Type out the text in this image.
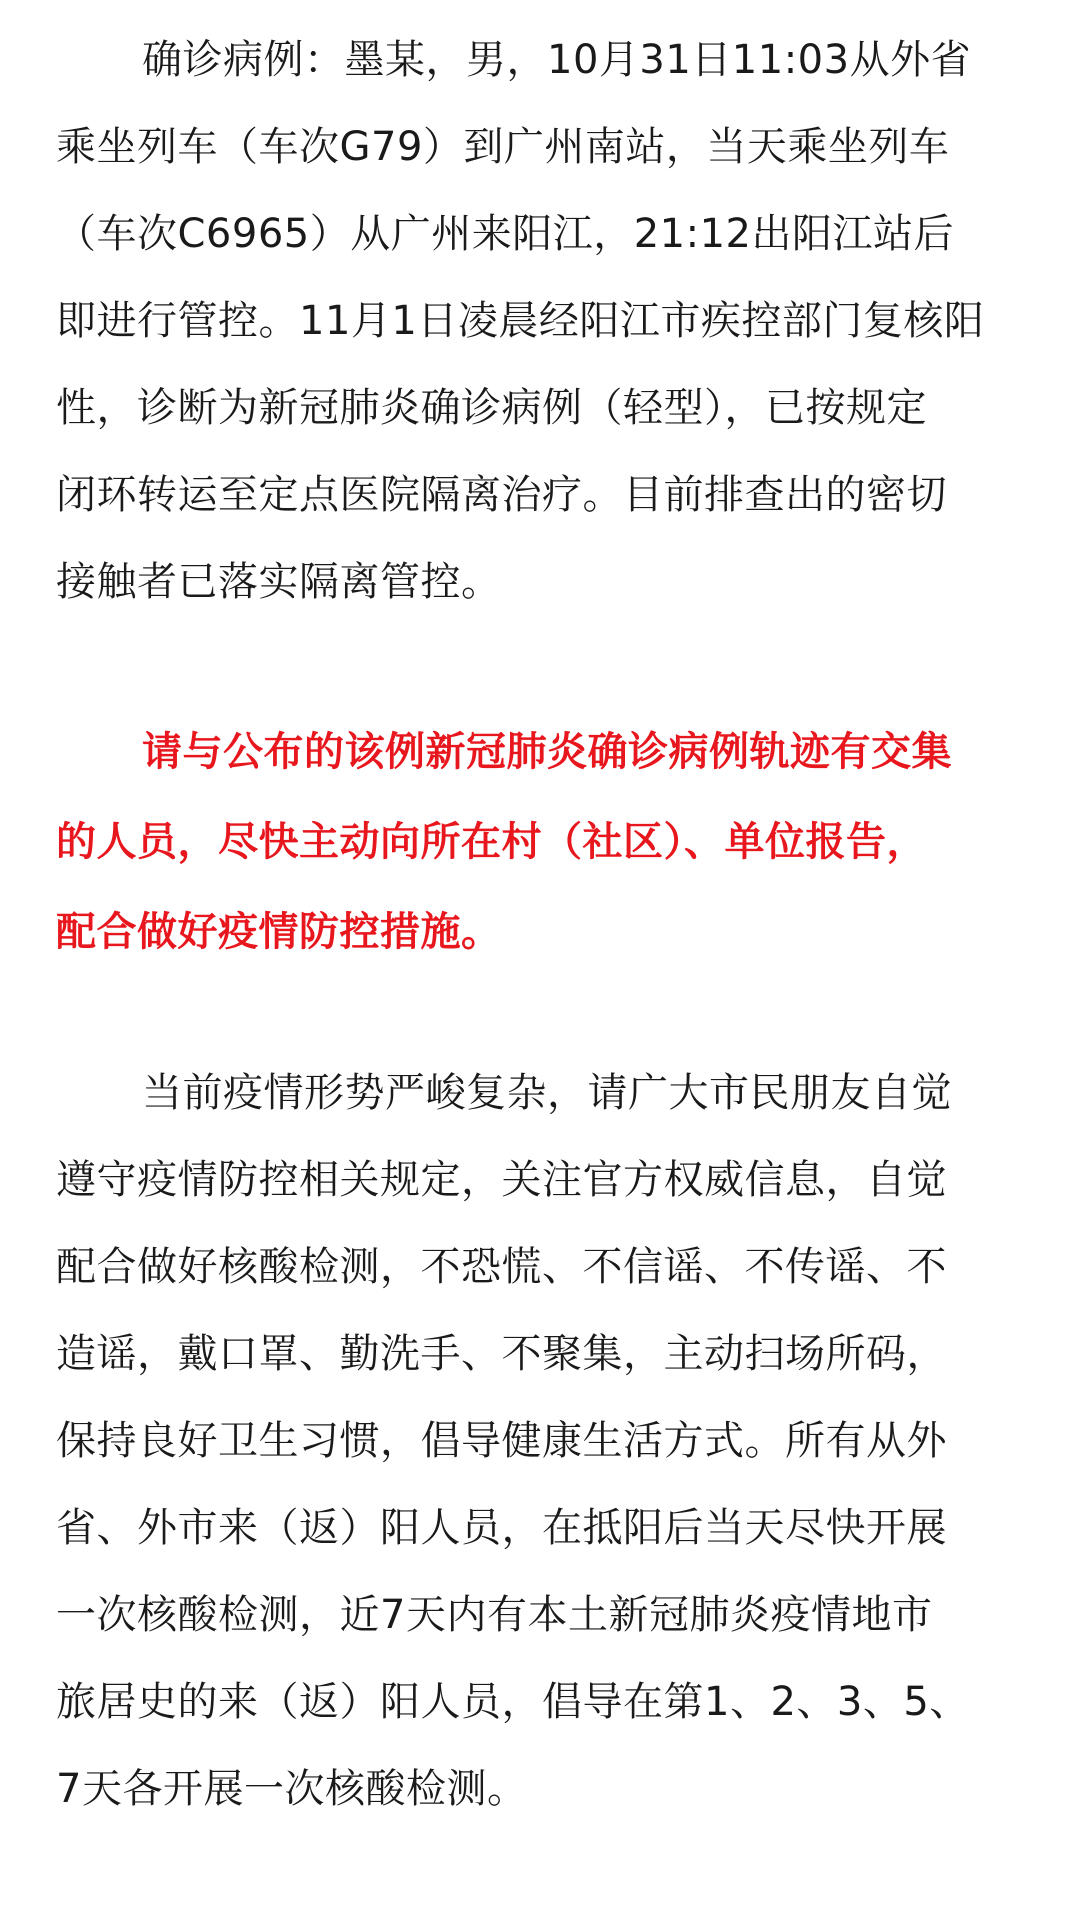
确诊病例：墨某，男，10月31日11:03从外省
乘坐列车（车次G79）到广州南站，当天乘坐列车
（车次C6965）从广州来阳江，21:12出阳江站后
即进行管控。11月1日凌晨经阳江市疾控部门复核阳
性，诊断为新冠肺炎确诊病例（轻型），已按规定
闭环转运至定点医院隔离治疗。目前排查出的密切
接触者已落实隔离管控。

请与公布的该例新冠肺炎确诊病例轨迹有交集
的人员，尽快主动向所在村（社区）、单位报告，
配合做好疫情防控措施。

当前疫情形势严峻复杂，请广大市民朋友自觉
遵守疫情防控相关规定，关注官方权威信息，自觉
配合做好核酸检测，不恐慌、不信谣、不传谣、不
造谣，戴口罩、勤洗手、不聚集，主动扫场所码，
保持良好卫生习惯，倡导健康生活方式。所有从外
省、外市来（返）阳人员，在抵阳后当天尽快开展
一次核酸检测，近7天内有本土新冠肺炎疫情地市
旅居史的来（返）阳人员，倡导在第1、2、3、5、
7天各开展一次核酸检测。
